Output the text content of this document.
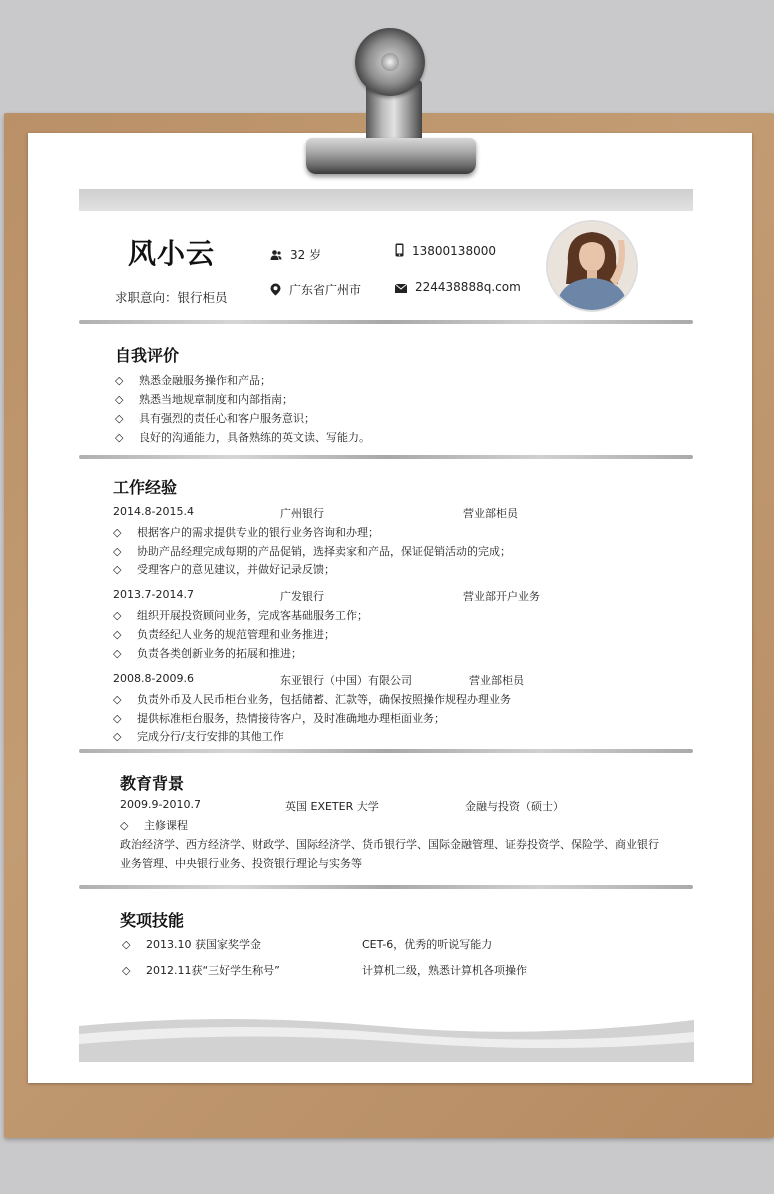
风小云
求职意向：银行柜员
32 岁
广东省广州市
13800138000
224438888q.com
自我评价
◇ 熟悉金融服务操作和产品；
◇ 熟悉当地规章制度和内部指南；
◇ 具有强烈的责任心和客户服务意识；
◇ 良好的沟通能力，具备熟练的英文读、写能力。
工作经验
2014.8-2015.4	广州银行	营业部柜员
◇ 根据客户的需求提供专业的银行业务咨询和办理；
◇ 协助产品经理完成每期的产品促销，选择卖家和产品，保证促销活动的完成；
◇ 受理客户的意见建议，并做好记录反馈；
2013.7-2014.7	广发银行	营业部开户业务
◇ 组织开展投资顾问业务，完成客基础服务工作；
◇ 负责经纪人业务的规范管理和业务推进；
◇ 负责各类创新业务的拓展和推进；
2008.8-2009.6	东亚银行（中国）有限公司	营业部柜员
◇ 负责外币及人民币柜台业务，包括储蓄、汇款等，确保按照操作规程办理业务
◇ 提供标准柜台服务，热情接待客户，及时准确地办理柜面业务；
◇ 完成分行/支行安排的其他工作
教育背景
2009.9-2010.7	英国 EXETER 大学	金融与投资（硕士）
◇ 主修课程
政治经济学、西方经济学、财政学、国际经济学、货币银行学、国际金融管理、证券投资学、保险学、商业银行
业务管理、中央银行业务、投资银行理论与实务等
奖项技能
◇ 2013.10 获国家奖学金	CET-6，优秀的听说写能力
◇ 2012.11获“三好学生称号”	计算机二级，熟悉计算机各项操作
